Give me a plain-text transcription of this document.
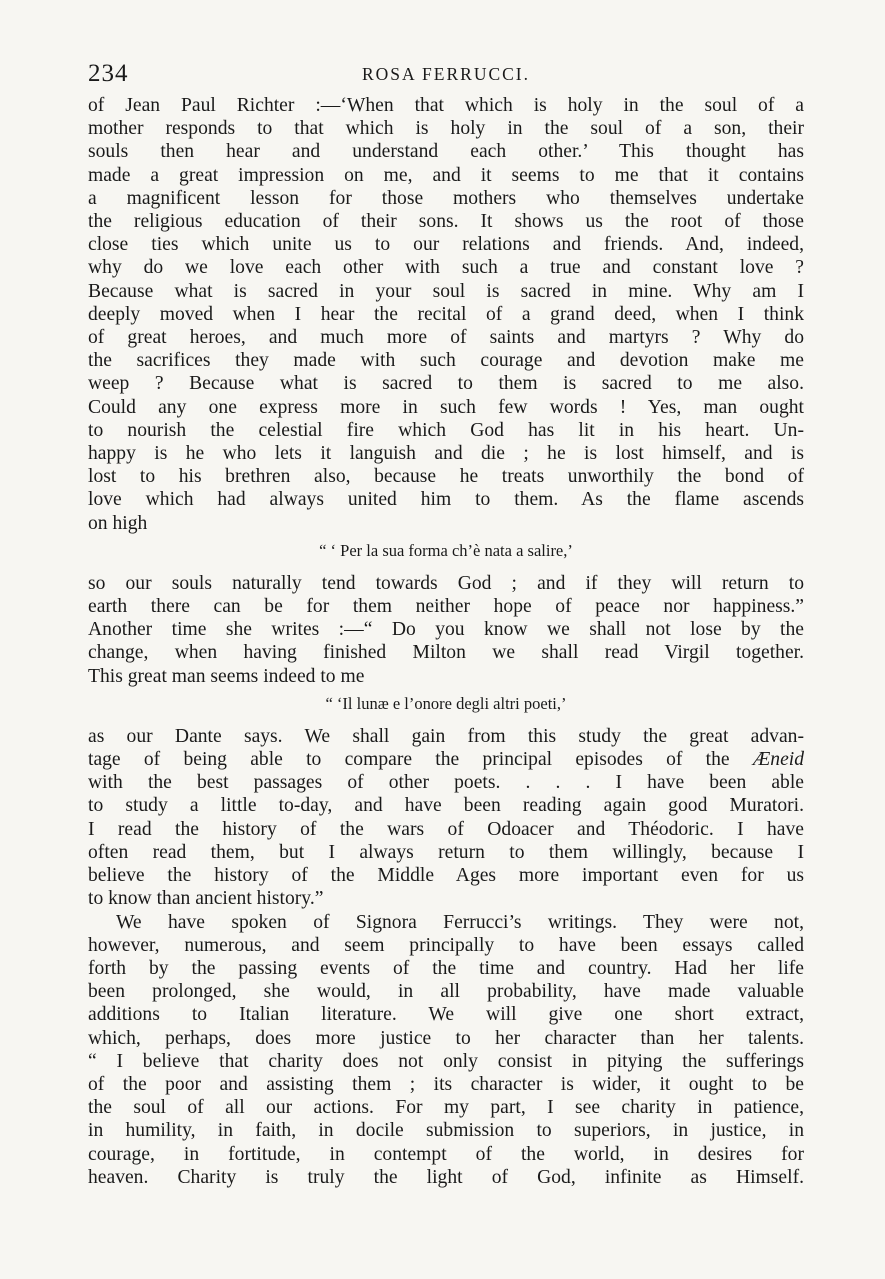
234	ROSA FERRUCCI.
of Jean Paul Richter :—‘When that which is holy in the soul of a
mother responds to that which is holy in the soul of a son, their
souls then hear and understand each other.’ This thought has
made a great impression on me, and it seems to me that it contains
a magnificent lesson for those mothers who themselves undertake
the religious education of their sons. It shows us the root of those
close ties which unite us to our relations and friends. And, indeed,
why do we love each other with such a true and constant love ?
Because what is sacred in your soul is sacred in mine. Why am I
deeply moved when I hear the recital of a grand deed, when I think
of great heroes, and much more of saints and martyrs ? Why do
the sacrifices they made with such courage and devotion make me
weep ? Because what is sacred to them is sacred to me also.
Could any one express more in such few words ! Yes, man ought
to nourish the celestial fire which God has lit in his heart. Un-
happy is he who lets it languish and die ; he is lost himself, and is
lost to his brethren also, because he treats unworthily the bond of
love which had always united him to them. As the flame ascends
on high
“ ‘ Per la sua forma ch’è nata a salire,’
so our souls naturally tend towards God ; and if they will return to
earth there can be for them neither hope of peace nor happiness.”
Another time she writes :—“ Do you know we shall not lose by the
change, when having finished Milton we shall read Virgil together.
This great man seems indeed to me
“ ‘Il lunæ e l’onore degli altri poeti,’
as our Dante says. We shall gain from this study the great advan-
tage of being able to compare the principal episodes of the Æneid
with the best passages of other poets. . . . I have been able
to study a little to-day, and have been reading again good Muratori.
I read the history of the wars of Odoacer and Théodoric. I have
often read them, but I always return to them willingly, because I
believe the history of the Middle Ages more important even for us
to know than ancient history.”
We have spoken of Signora Ferrucci’s writings. They were not,
however, numerous, and seem principally to have been essays called
forth by the passing events of the time and country. Had her life
been prolonged, she would, in all probability, have made valuable
additions to Italian literature. We will give one short extract,
which, perhaps, does more justice to her character than her talents.
“ I believe that charity does not only consist in pitying the sufferings
of the poor and assisting them ; its character is wider, it ought to be
the soul of all our actions. For my part, I see charity in patience,
in humility, in faith, in docile submission to superiors, in justice, in
courage, in fortitude, in contempt of the world, in desires for
heaven. Charity is truly the light of God, infinite as Himself.
